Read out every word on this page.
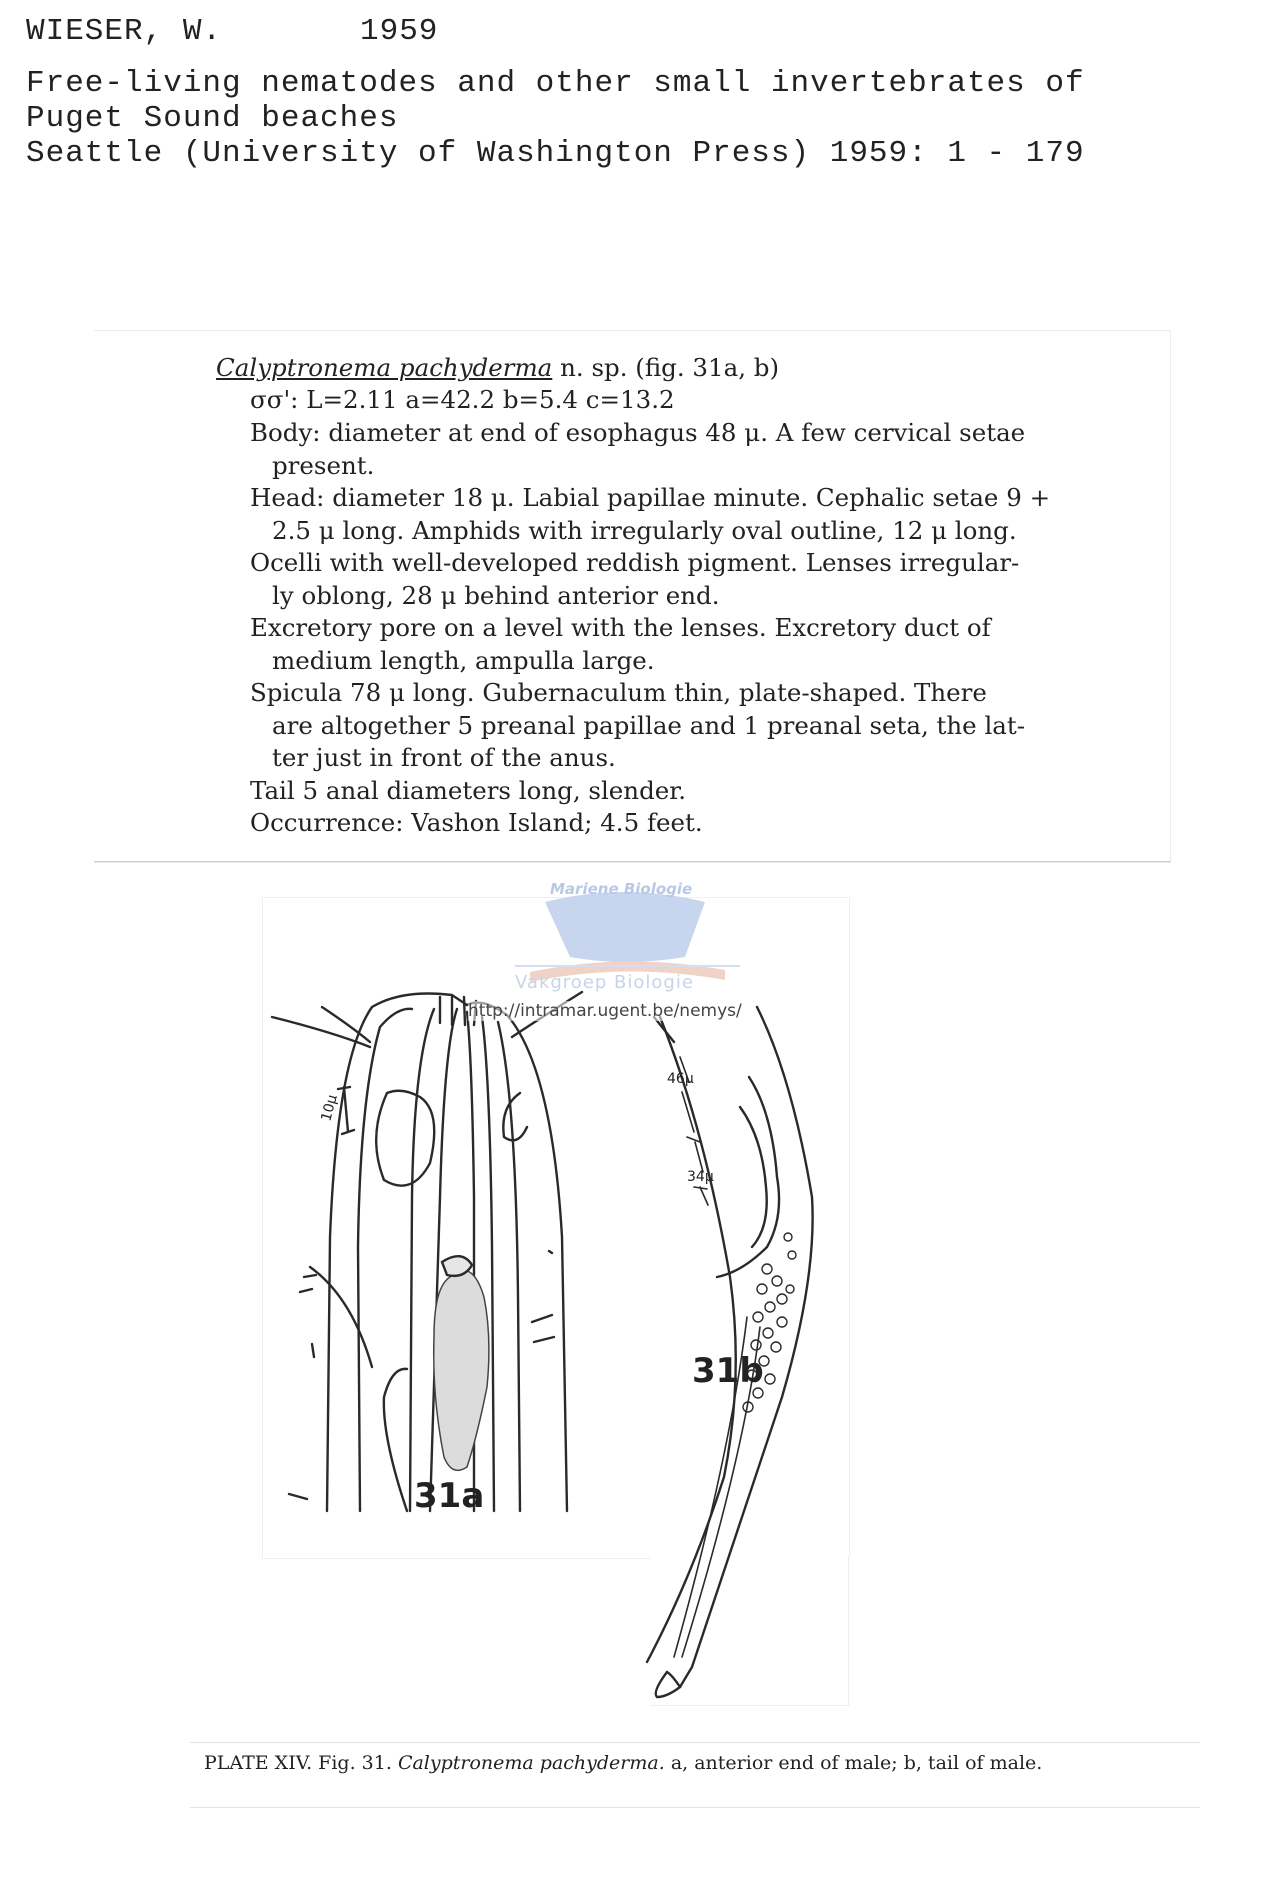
WIESER, W.	1959
Free-living nematodes and other small invertebrates of
Puget Sound beaches
Seattle (University of Washington Press) 1959: 1 - 179
Calyptronema pachyderma n. sp. (fig. 31a, b)
σσ': L=2.11 a=42.2 b=5.4 c=13.2
Body: diameter at end of esophagus 48 μ. A few cervical setae
present.
Head: diameter 18 μ. Labial papillae minute. Cephalic setae 9 +
2.5 μ long. Amphids with irregularly oval outline, 12 μ long.
Ocelli with well-developed reddish pigment. Lenses irregular-
ly oblong, 28 μ behind anterior end.
Excretory pore on a level with the lenses. Excretory duct of
medium length, ampulla large.
Spicula 78 μ long. Gubernaculum thin, plate-shaped. There
are altogether 5 preanal papillae and 1 preanal seta, the lat-
ter just in front of the anus.
Tail 5 anal diameters long, slender.
Occurrence: Vashon Island; 4.5 feet.
Mariene Biologie
Vakgroep Biologie
31a
10μ
31b
46μ
34μ
http://intramar.ugent.be/nemys/
PLATE XIV. Fig. 31. Calyptronema pachyderma. a, anterior end of male; b, tail of male.
